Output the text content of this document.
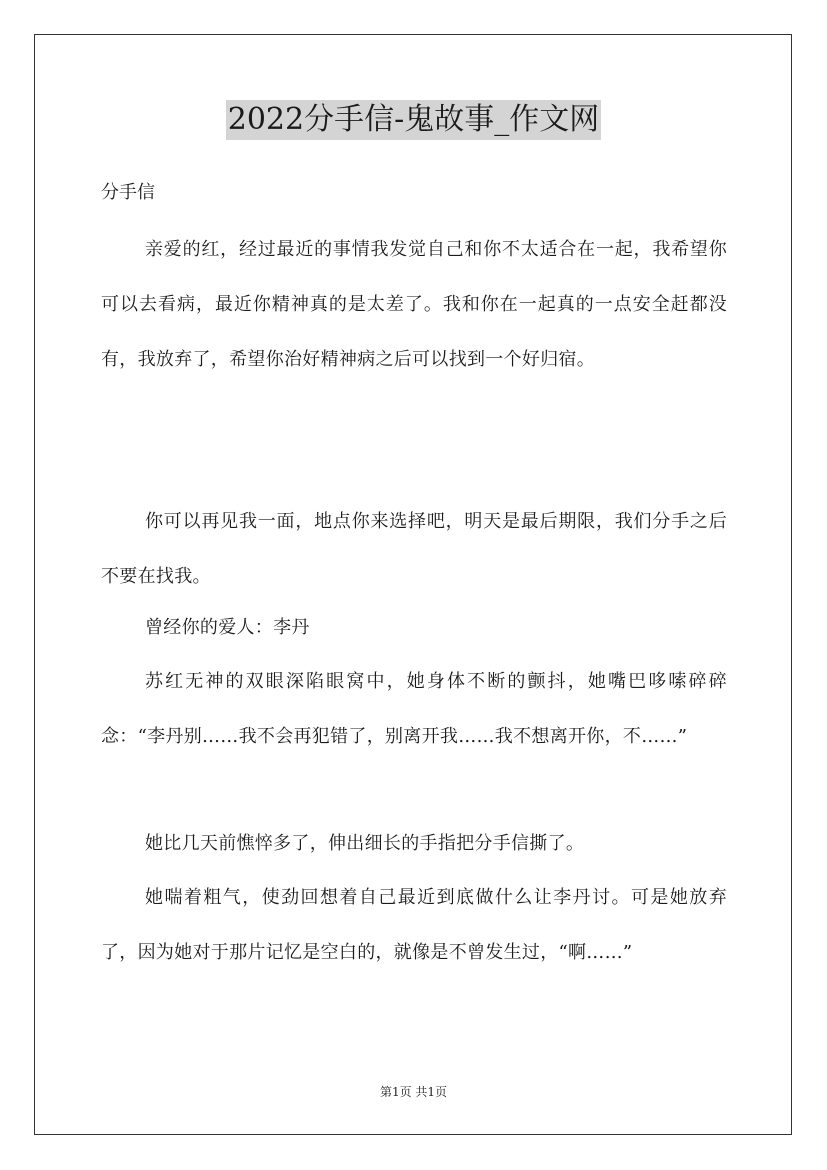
2022分手信-鬼故事_作文网
分手信

亲爱的红，经过最近的事情我发觉自己和你不太适合在一起，我希望你可以去看病，最近你精神真的是太差了。我和你在一起真的一点安全赶都没有，我放弃了，希望你治好精神病之后可以找到一个好归宿。

你可以再见我一面，地点你来选择吧，明天是最后期限，我们分手之后不要在找我。

曾经你的爱人：李丹

苏红无神的双眼深陷眼窝中，她身体不断的颤抖，她嘴巴哆嗦碎碎念：“李丹别……我不会再犯错了，别离开我……我不想离开你，不……”

她比几天前憔悴多了，伸出细长的手指把分手信撕了。

她喘着粗气，使劲回想着自己最近到底做什么让李丹讨。可是她放弃了，因为她对于那片记忆是空白的，就像是不曾发生过，“啊……”

第1页 共1页
